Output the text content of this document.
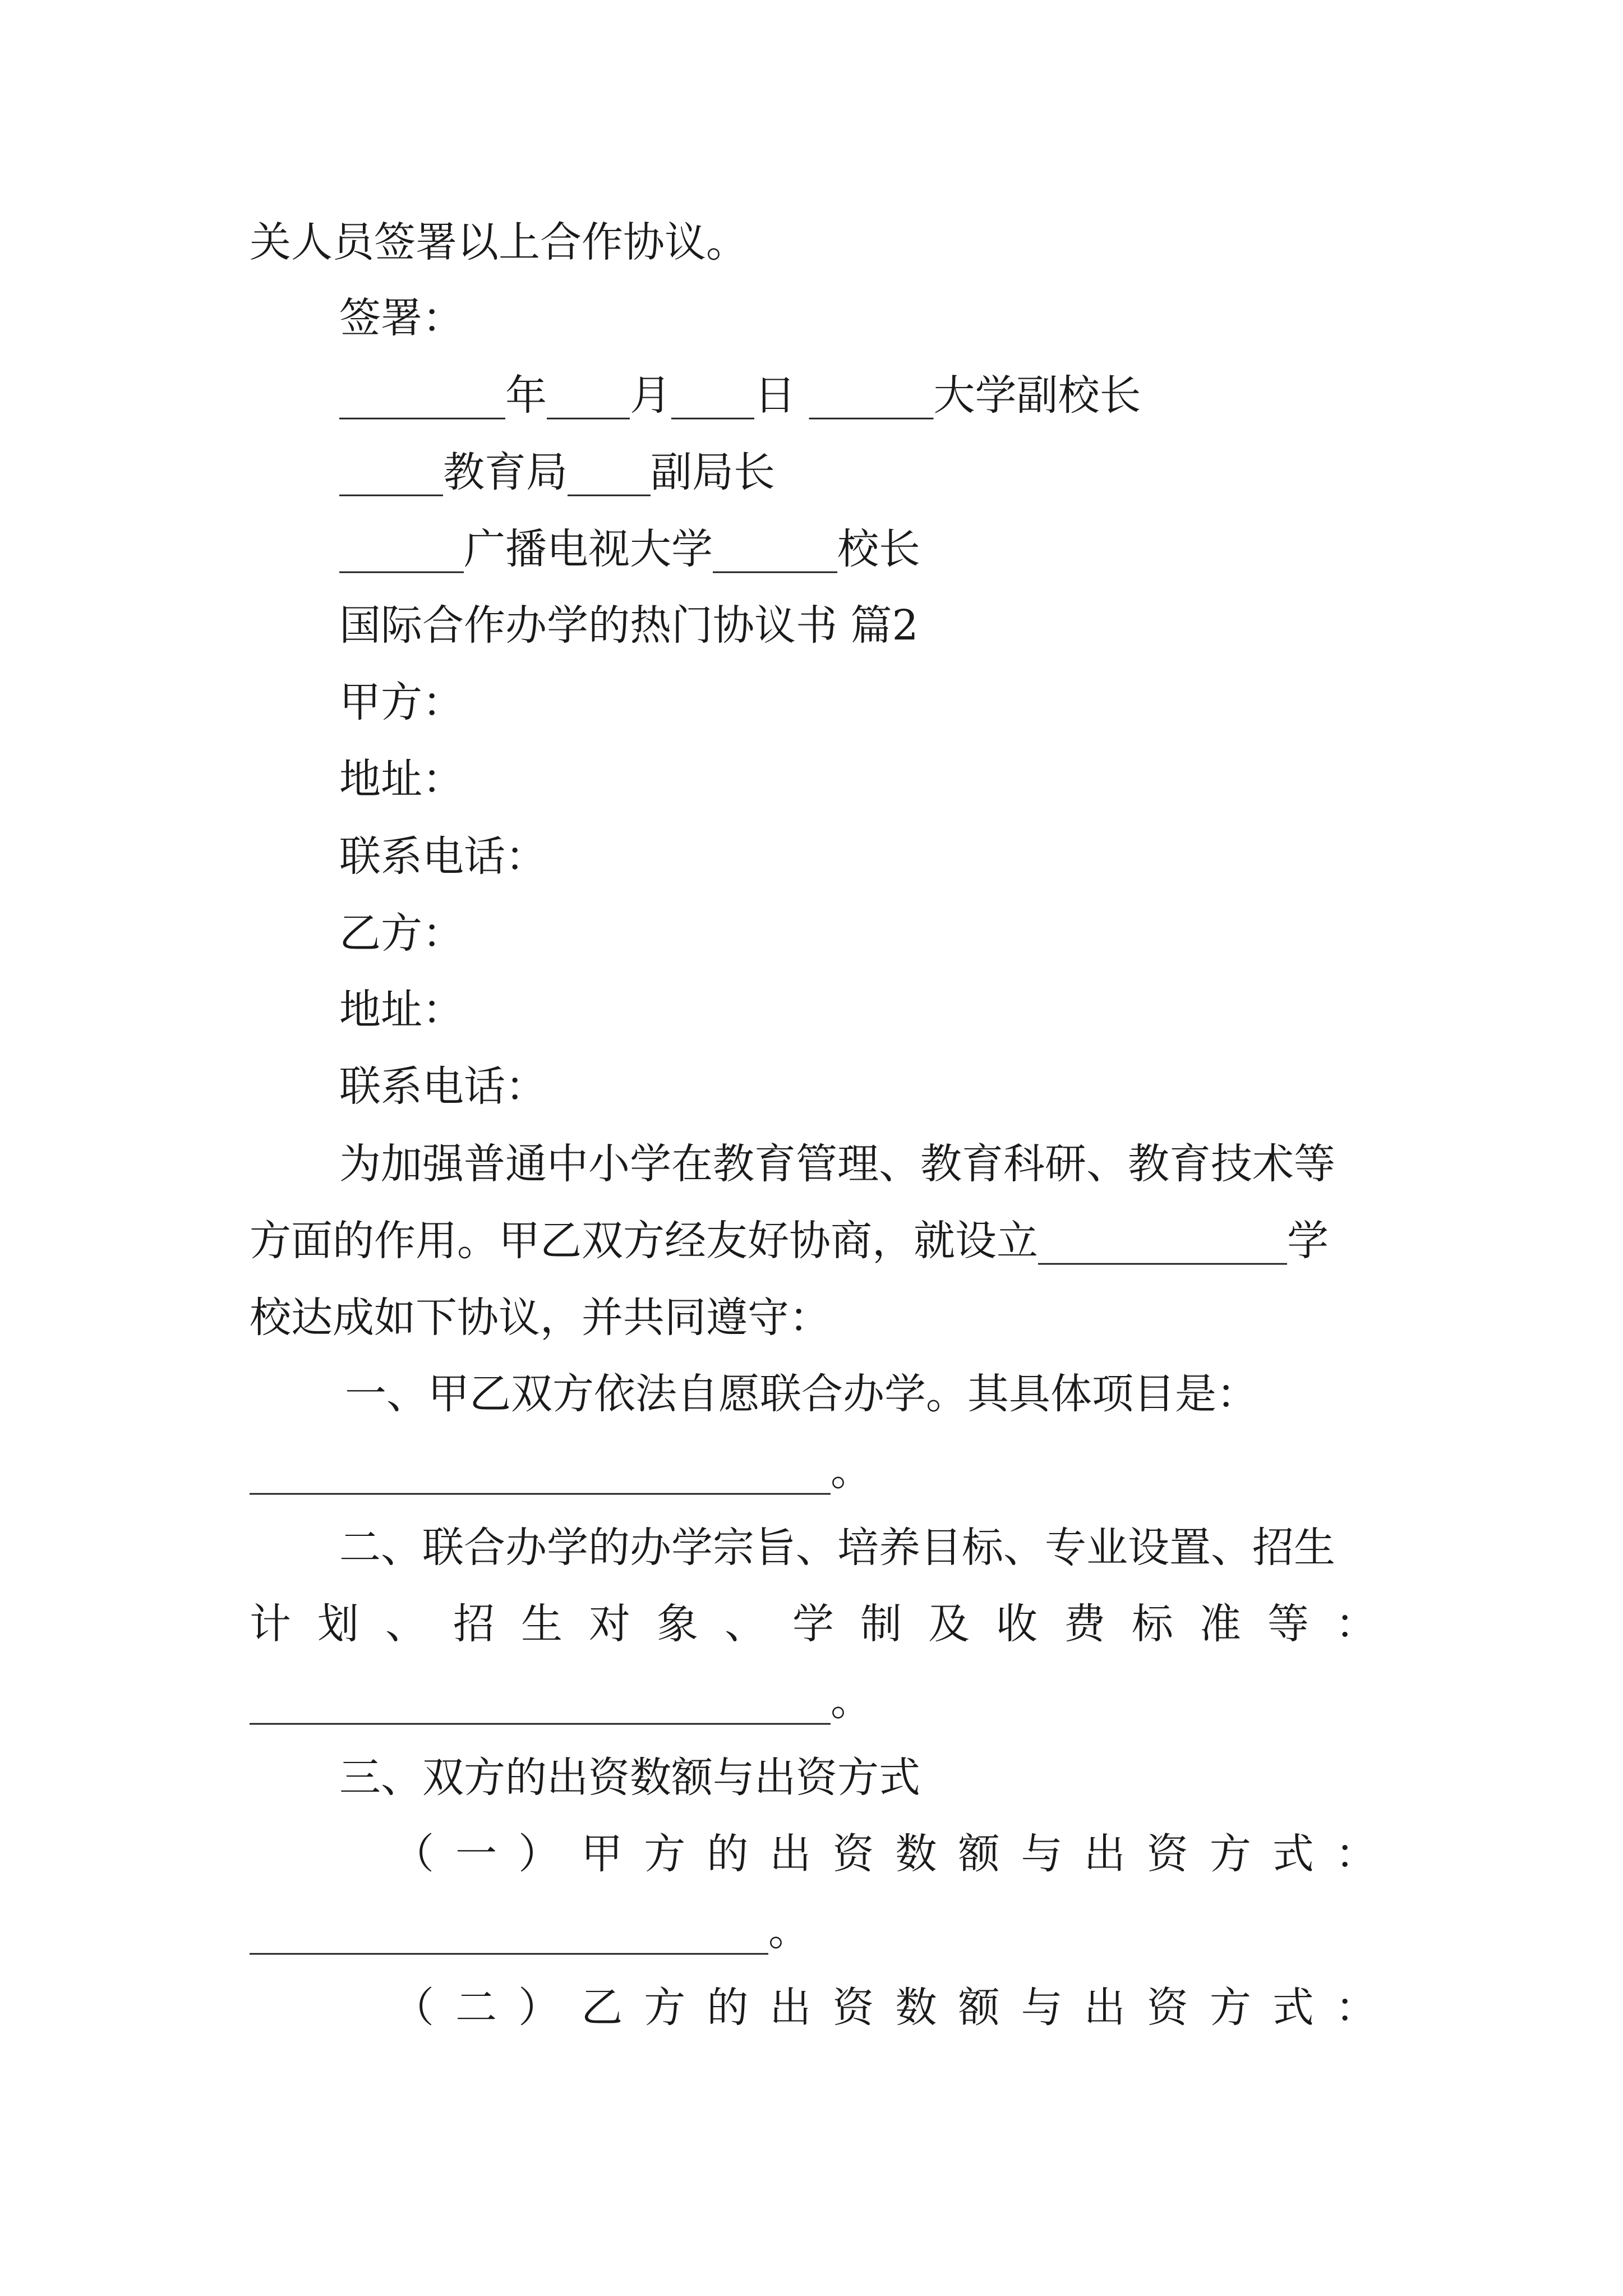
关人员签署以上合作协议。
签署：
________年____月____日 ______大学副校长
_____教育局____副局长
______广播电视大学______校长
国际合作办学的热门协议书 篇2
甲方：
地址：
联系电话：
乙方：
地址：
联系电话：
为加强普通中小学在教育管理、教育科研、教育技术等
方面的作用。甲乙双方经友好协商，就设立____________学
校达成如下协议，并共同遵守：
一、甲乙双方依法自愿联合办学。其具体项目是：
____________________________。
二、联合办学的办学宗旨、培养目标、专业设置、招生
计划、招生对象、学制及收费标准等：
____________________________。
三、双方的出资数额与出资方式
（一）甲方的出资数额与出资方式：
_________________________。
（二）乙方的出资数额与出资方式：
